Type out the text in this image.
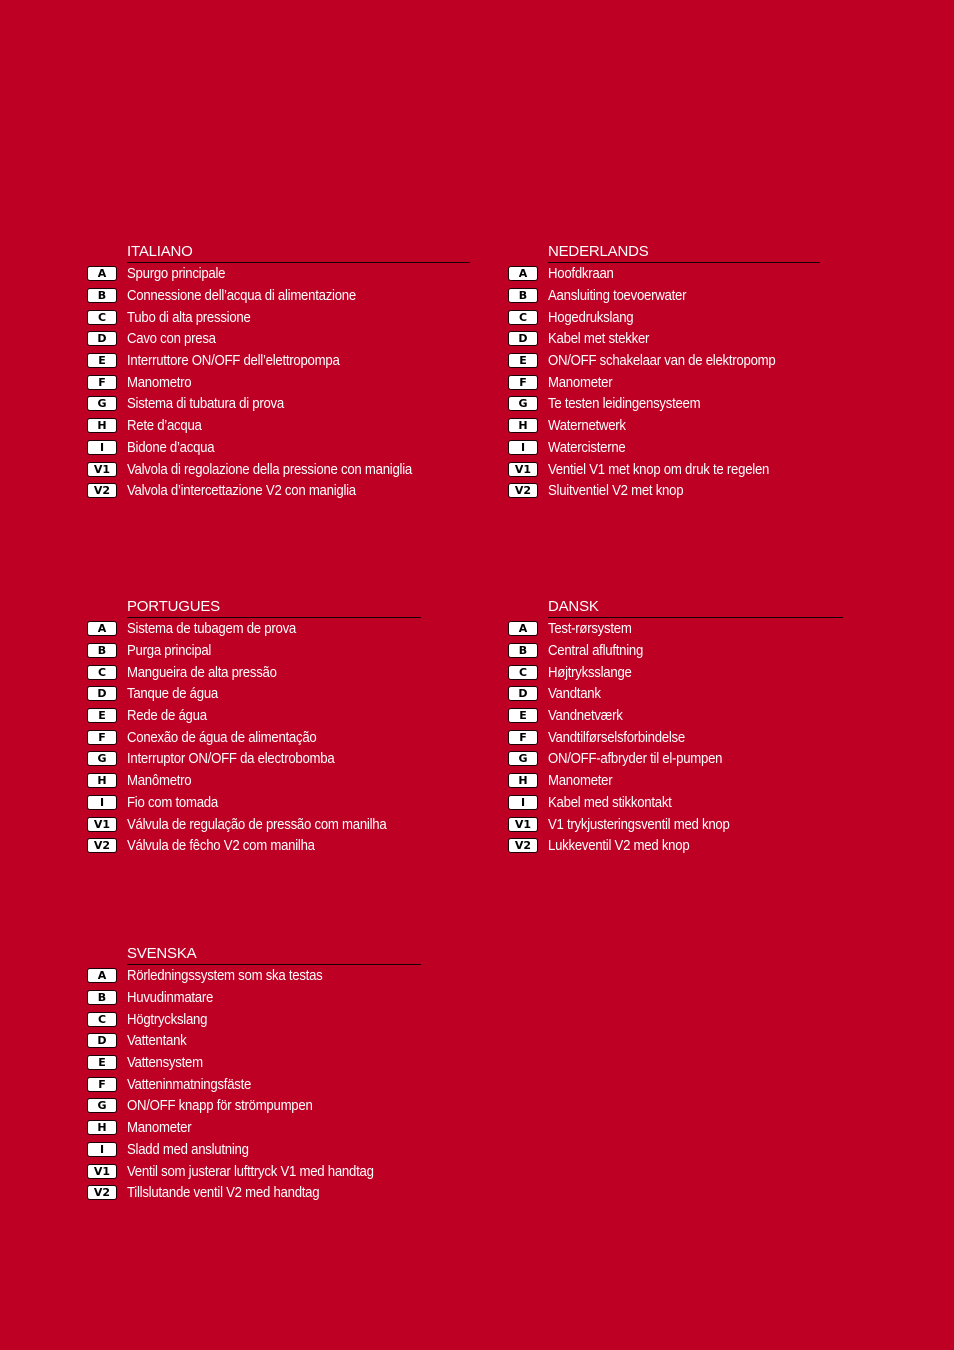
ITALIANO
A	Spurgo principale
B	Connessione dell’acqua di alimentazione
C	Tubo di alta pressione
D	Cavo con presa
E	Interruttore ON/OFF dell’elettropompa
F	Manometro
G	Sistema di tubatura di prova
H	Rete d’acqua
I	Bidone d’acqua
V1	Valvola di regolazione della pressione con maniglia
V2	Valvola d’intercettazione V2 con maniglia
NEDERLANDS
A	Hoofdkraan
B	Aansluiting toevoerwater
C	Hogedrukslang
D	Kabel met stekker
E	ON/OFF schakelaar van de elektropomp
F	Manometer
G	Te testen leidingensysteem
H	Waternetwerk
I	Watercisterne
V1	Ventiel V1 met knop om druk te regelen
V2	Sluitventiel V2 met knop
PORTUGUES
A	Sistema de tubagem de prova
B	Purga principal
C	Mangueira de alta pressão
D	Tanque de água
E	Rede de água
F	Conexão de água de alimentação
G	Interruptor ON/OFF da electrobomba
H	Manômetro
I	Fio com tomada
V1	Válvula de regulação de pressão com manilha
V2	Válvula de fêcho V2 com manilha
DANSK
A	Test-rørsystem
B	Central afluftning
C	Højtryksslange
D	Vandtank
E	Vandnetværk
F	Vandtilførselsforbindelse
G	ON/OFF-afbryder til el-pumpen
H	Manometer
I	Kabel med stikkontakt
V1	V1 trykjusteringsventil med knop
V2	Lukkeventil V2 med knop
SVENSKA
A	Rörledningssystem som ska testas
B	Huvudinmatare
C	Högtryckslang
D	Vattentank
E	Vattensystem
F	Vatteninmatningsfäste
G	ON/OFF knapp för strömpumpen
H	Manometer
I	Sladd med anslutning
V1	Ventil som justerar lufttryck V1 med handtag
V2	Tillslutande ventil V2 med handtag
